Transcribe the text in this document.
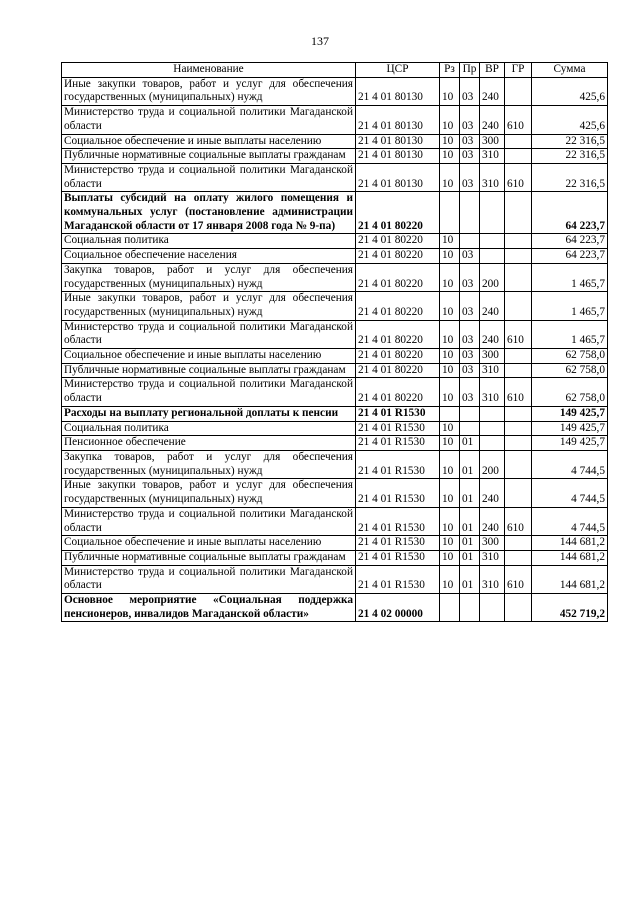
137
Наименование	ЦСР	Рз	Пр	ВР	ГР	Сумма
Иные закупки товаров, работ и услуг для обеспечения государственных (муниципальных) нужд	21 4 01 80130	10	03	240		425,6
Министерство труда и социальной политики Магаданской области	21 4 01 80130	10	03	240	610	425,6
Социальное обеспечение и иные выплаты населению	21 4 01 80130	10	03	300		22 316,5
Публичные нормативные социальные выплаты гражданам	21 4 01 80130	10	03	310		22 316,5
Министерство труда и социальной политики Магаданской области	21 4 01 80130	10	03	310	610	22 316,5
Выплаты субсидий на оплату жилого помещения и коммунальных услуг (постановление администрации Магаданской области от 17 января 2008 года № 9-па)	21 4 01 80220					64 223,7
Социальная политика	21 4 01 80220	10				64 223,7
Социальное обеспечение населения	21 4 01 80220	10	03			64 223,7
Закупка товаров, работ и услуг для обеспечения государственных (муниципальных) нужд	21 4 01 80220	10	03	200		1 465,7
Иные закупки товаров, работ и услуг для обеспечения государственных (муниципальных) нужд	21 4 01 80220	10	03	240		1 465,7
Министерство труда и социальной политики Магаданской области	21 4 01 80220	10	03	240	610	1 465,7
Социальное обеспечение и иные выплаты населению	21 4 01 80220	10	03	300		62 758,0
Публичные нормативные социальные выплаты гражданам	21 4 01 80220	10	03	310		62 758,0
Министерство труда и социальной политики Магаданской области	21 4 01 80220	10	03	310	610	62 758,0
Расходы на выплату региональной доплаты к пенсии	21 4 01 R1530					149 425,7
Социальная политика	21 4 01 R1530	10				149 425,7
Пенсионное обеспечение	21 4 01 R1530	10	01			149 425,7
Закупка товаров, работ и услуг для обеспечения государственных (муниципальных) нужд	21 4 01 R1530	10	01	200		4 744,5
Иные закупки товаров, работ и услуг для обеспечения государственных (муниципальных) нужд	21 4 01 R1530	10	01	240		4 744,5
Министерство труда и социальной политики Магаданской области	21 4 01 R1530	10	01	240	610	4 744,5
Социальное обеспечение и иные выплаты населению	21 4 01 R1530	10	01	300		144 681,2
Публичные нормативные социальные выплаты гражданам	21 4 01 R1530	10	01	310		144 681,2
Министерство труда и социальной политики Магаданской области	21 4 01 R1530	10	01	310	610	144 681,2
Основное мероприятие «Социальная поддержка пенсионеров, инвалидов Магаданской области»	21 4 02 00000					452 719,2
